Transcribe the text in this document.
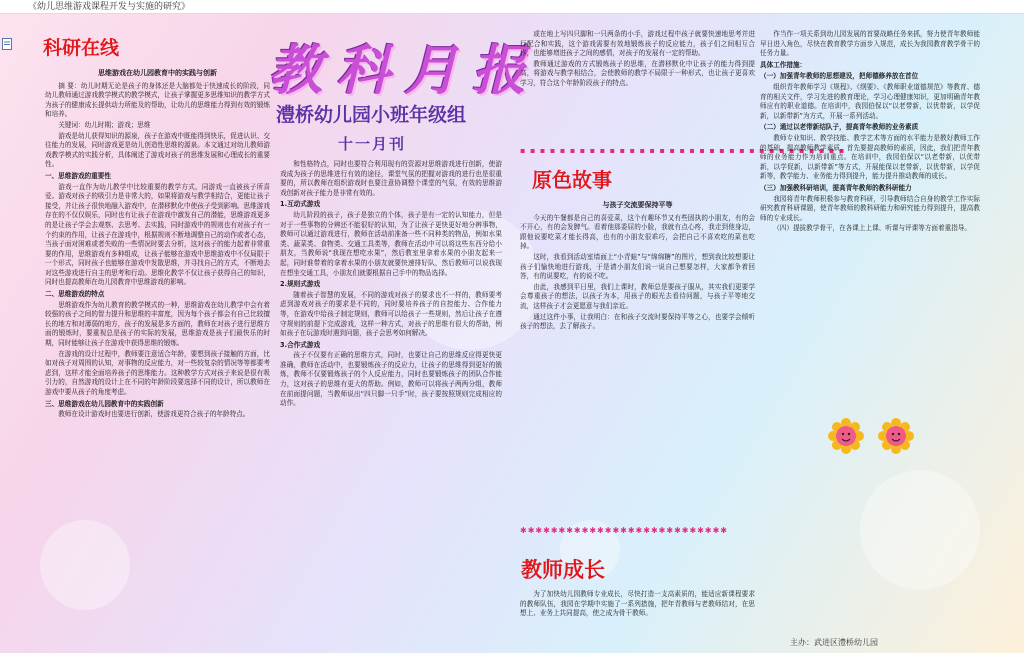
《幼儿思维游戏课程开发与实施的研究》
科研在线	教科月报
澧桥幼儿园小班年级组
十一月刊
思维游戏在幼儿园教育中的实践与创新

摘 要：幼儿时期无论是孩子的身体还是大脑都处于快速成长的阶段，同幼儿教师通过游戏教学模式的教学模式，让孩子掌握更多思维知识的教学方式为孩子的健康成长提供动力所能及的帮助，让幼儿的思维能力得到有效的锻炼和培养。

关键词：幼儿时期；游戏；思维

游戏是幼儿获得知识的源泉，孩子在游戏中既能得到快乐，促进认识、交往能力的发展，同时游戏更是幼儿创造性思维的源泉。本文通过对幼儿教师游戏教学模式的实践分析，具体阐述了游戏对孩子的思维发展和心理成长的重要性。

一、思维游戏的重要性

游戏一直作为幼儿教学中比较重要的教学方式，同游戏一直被孩子所喜爱。游戏对孩子的吸引力是非常大的，如果将游戏与教学相结合，更能让孩子接受，并让孩子很快地融入游戏中，在潜移默化中使孩子受到影响。思维游戏存在的不仅仅娱乐，同时也有让孩子在游戏中激发自己的潜能，思维游戏更多的是让孩子学会去观察、去思考、去实践，同时游戏中的规则也有对孩子有一个约束的作用，让孩子在游戏中，根据规则不断地调整自己的动作或者心态，当孩子面对困难或者失败的一些情况时要去分析，这对孩子的能力起着非常重要的作用，思维游戏有多种组成，让孩子能够在游戏中思维游戏中不仅局限于一个形式，同时孩子也能够在游戏中发散思维，并寻找自己的方式，不断地去对这些游戏进行自主的思考和行动。思维化教学不仅让孩子获得自己的知识，同时也提高教师在幼儿园教育中思维游戏的影响。

二、思维游戏的特点

思维游戏作为幼儿教育的教学模式的一种，思维游戏在幼儿教学中会有着较强的孩子之间的智力提升和思维的丰富度，因为每个孩子都会有自己比较擅长的地方和对薄弱的地方，孩子的发展是多方面的，教师在对孩子进行思维方面的锻炼时，要重视总是孩子的实际的发展，思维游戏是孩子们最快乐的时期，同时能够让孩子在游戏中获得思维的锻炼。

在游戏的设计过程中，教师要注意适合年龄，要想到孩子接触的方面，比如对孩子对周围的认知，对事物的反应能力，对一些较复杂的情况等等都要考虑到，这样才能全面培养孩子的思维能力。这种教学方式对孩子来说是很有吸引力的，自然游戏的设计上在不同的年龄阶段要选择不同的设计，所以教师在游戏中要从孩子的角度考虑。

三、思维游戏在幼儿园教育中的实践创新

教师在设计游戏时也要进行创新，使游戏更符合孩子的年龄特点。

和性格特点，同时也要符合利用现有的资源对思维游戏进行创新，使游戏成为孩子的思维进行有效的途径，课堂气氛的把握对游戏的进行也是很重要的，所以教师在组织游戏时也要注意协调整个课堂的气氛，有效的思维游戏创新对孩子能力是非常有效的。

1.互动式游戏

幼儿阶段的孩子，孩子是独立的个体，孩子是有一定的认知能力，但是对于一些事物的分辨还不能很好的认知，为了让孩子更快更好地分辨事物，教师可以通过游戏进行，教师在活动前准备一些不同种类的物品，例如水果类、蔬菜类、食物类、交通工具类等，教师在活动中可以将这些东西分给小朋友，当教师说“我现在想吃水果”，然后教室里拿着水果的小朋友起来一起，同时谁带着的拿着水果的小朋友就要快速排好队，然后教师可以说我现在想坐交通工具，小朋友们就要根据自己手中的物品选择。

2.规则式游戏

随着孩子智慧的发展，不同的游戏对孩子的要求也不一样的，教师要考虑到游戏对孩子的要求是不同的，同时要培养孩子的自控能力、合作能力等，在游戏中给孩子制定规则，教师可以给孩子一些规则，然后让孩子在遵守规则的前提下完成游戏，这样一种方式，对孩子的思维有很大的帮助，例如孩子在玩游戏时遇到问题，孩子会思考如何解决。

3.合作式游戏

孩子不仅要有正确的思维方式，同时，也要让自己的思维反应得更快更准确，教师在活动中，也要锻炼孩子的反应力，让孩子的思维得到更好的锻炼，教师不仅要锻炼孩子的个人反应能力，同时也要锻炼孩子的团队合作能力，这对孩子的思维有更大的帮助。例如，教师可以将孩子两两分组，教师在前面提问题，当教师说出“四只脚一只手”时，孩子要按照规则完成相应的动作。

或在地上写四只脚和一只两条的小手，游戏过程中孩子就要快速地思考并进行配合和实践，这个游戏需要有效地锻炼孩子的反应能力，孩子们之间相互合作，也能够增进孩子之间的感情，对孩子的发展有一定的帮助。

教师通过游戏的方式锻炼孩子的思维，在潜移默化中让孩子的能力得到提高，将游戏与教学相结合，会使教师的教学不局限于一种形式，也让孩子更喜欢学习，符合这个年龄阶段孩子的特点。

▪ ▪ ▪ ▪ ▪ ▪ ▪ ▪ ▪ ▪ ▪ ▪ ▪ ▪ ▪ ▪ ▪ ▪ ▪ ▪ ▪ ▪ ▪ ▪ ▪ ▪ ▪ ▪ ▪ ▪ ▪ ▪ ▪
原色故事
与孩子交流要保持平等

今天的午餐都是自己的喜爱菜，这个有趣环节又有些固执的小朋友，有的会不开心，有的会发脾气。看着他那委屈的小脸，我就有点心疼，我走到他身边，跟他说要吃菜才能长得高，也有的小朋友很乖巧，会把自己不喜欢吃的菜也吃掉。

这时，我看到活动室墙面上“小青蛙”与“绵绵糖”的图片，想到我比较想要让孩子们愉快地进行游戏，于是请小朋友们说一说自己想要怎样，大家都争着回答，有的说要吃，有的说不吃。

由此，我感到平日里，我们上课时，教师总是要孩子服从，其实我们更要学会尊重孩子的想法，以孩子为本，用孩子的眼光去看待问题，与孩子平等地交流，这样孩子才会更愿意与我们亲近。

通过这件小事，让我明白：在和孩子交流时要保持平等之心，也要学会倾听孩子的想法，去了解孩子。

✱✱✱✱✱✱✱✱✱✱✱✱✱✱✱✱✱✱✱✱✱✱✱✱✱✱✱
教师成长

为了加快幼儿园教师专业成长，尽快打造一支高素质的，能适应新课程要求的教师队伍，我园在学期中实施了一系列措施，把年青教师与老教师结对，在思想上、业务上共同提高，使之成为骨干教师。

作当作一项关系到幼儿园发展的首要战略任务来抓，努力使青年教师能早日进入角色，尽快在教育教学方面步入规范，成长为我园教育教学骨干的任务力量。

具体工作措施：
（一）加强青年教师的思想建设，把师德修养放在首位

组织青年教师学习《规程》、《纲要》、《教师职业道德规范》等教育、德育的相关文件，学习先进的教育理论，学习心理健康知识，更加明确青年教师应有的职业道德。在培训中，我园伯保以“以老带新，以优带新，以学促新，以新带新”为方式，开展一系列活动。

（二）通过以老带新结队子，提高青年教师的业务素质

教师专业知识、教学技能、教学艺术等方面的水平能力是教好教师工作的基础。提高教师教学素质，首先要提高教师的素质，因此，我们把青年教师的业务能力作为培训重点。在培训中，我园伯保以“以老带新，以优带新，以学促新，以新带新”等方式，开展能保以老带新，以优带新，以学促新等，教学能力、业务能力得到提升，能力提升推动教师的成长。

（三）加强教科研培训，提高青年教师的教科研能力

我园将青年教师积极参与教育科研，引导教师结合自身的教学工作实际研究教育科研课题，使青年教师的教科研能力和研究能力得到提升，提高教师的专业成长。

（四）提拔教学骨干，在各课上上课、听课与评课等方面着重指导。

主办：武进区澧桥幼儿园
